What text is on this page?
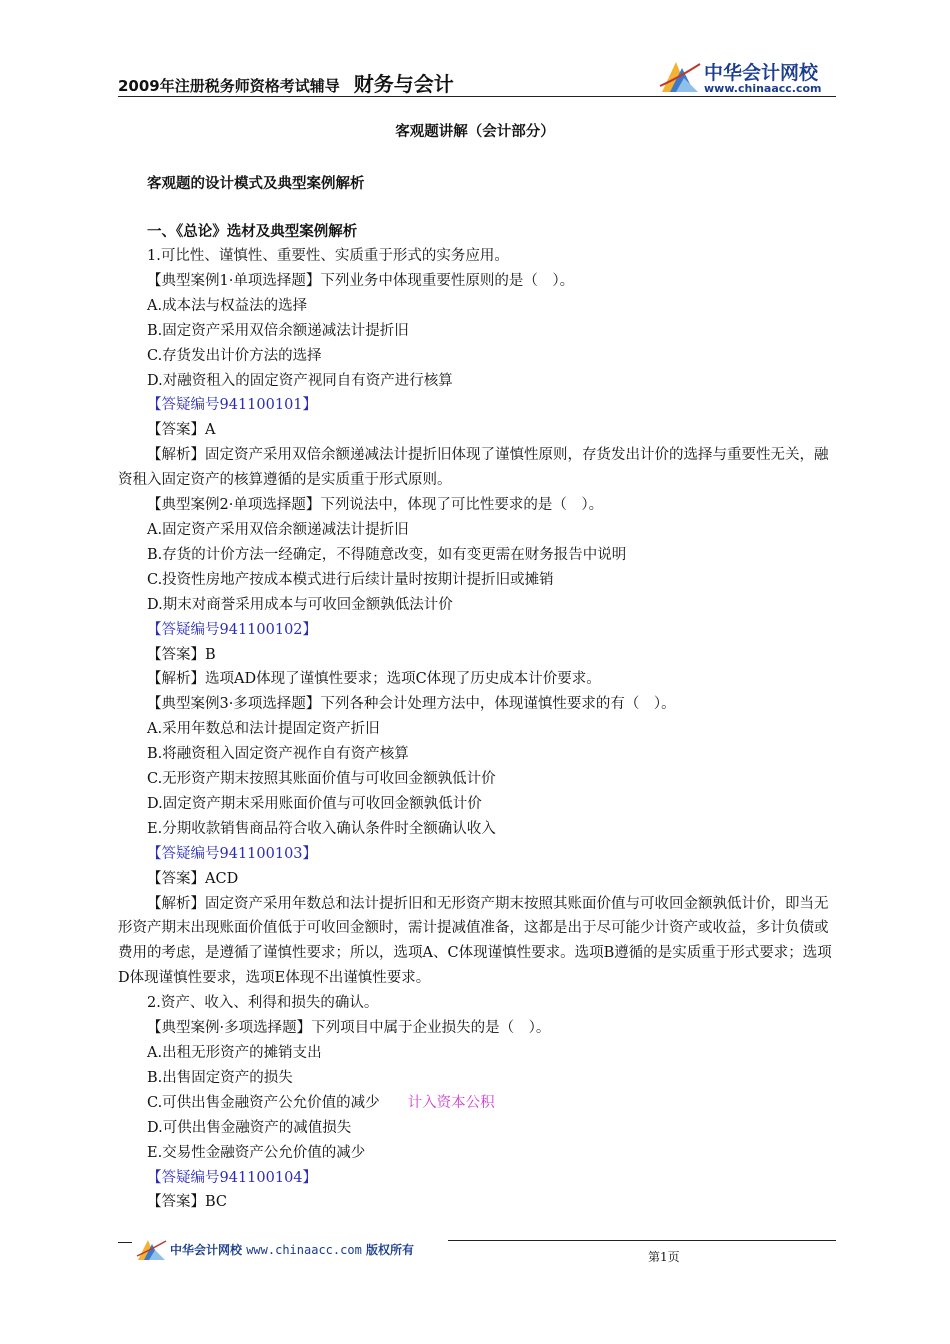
2009年注册税务师资格考试辅导 财务与会计	中华会计网校
www.chinaacc.com
客观题讲解（会计部分）
客观题的设计模式及典型案例解析
一、《总论》选材及典型案例解析
1.可比性、谨慎性、重要性、实质重于形式的实务应用。
【典型案例1·单项选择题】下列业务中体现重要性原则的是（　）。
A.成本法与权益法的选择
B.固定资产采用双倍余额递减法计提折旧
C.存货发出计价方法的选择
D.对融资租入的固定资产视同自有资产进行核算
【答疑编号941100101】
【答案】A
【解析】固定资产采用双倍余额递减法计提折旧体现了谨慎性原则，存货发出计价的选择与重要性无关，融资租入固定资产的核算遵循的是实质重于形式原则。
【典型案例2·单项选择题】下列说法中，体现了可比性要求的是（　）。
A.固定资产采用双倍余额递减法计提折旧
B.存货的计价方法一经确定，不得随意改变，如有变更需在财务报告中说明
C.投资性房地产按成本模式进行后续计量时按期计提折旧或摊销
D.期末对商誉采用成本与可收回金额孰低法计价
【答疑编号941100102】
【答案】B
【解析】选项AD体现了谨慎性要求；选项C体现了历史成本计价要求。
【典型案例3·多项选择题】下列各种会计处理方法中，体现谨慎性要求的有（　）。
A.采用年数总和法计提固定资产折旧
B.将融资租入固定资产视作自有资产核算
C.无形资产期末按照其账面价值与可收回金额孰低计价
D.固定资产期末采用账面价值与可收回金额孰低计价
E.分期收款销售商品符合收入确认条件时全额确认收入
【答疑编号941100103】
【答案】ACD
【解析】固定资产采用年数总和法计提折旧和无形资产期末按照其账面价值与可收回金额孰低计价，即当无形资产期末出现账面价值低于可收回金额时，需计提减值准备，这都是出于尽可能少计资产或收益，多计负债或费用的考虑，是遵循了谨慎性要求；所以，选项A、C体现谨慎性要求。选项B遵循的是实质重于形式要求；选项D体现谨慎性要求，选项E体现不出谨慎性要求。
2.资产、收入、利得和损失的确认。
【典型案例·多项选择题】下列项目中属于企业损失的是（　）。
A.出租无形资产的摊销支出
B.出售固定资产的损失
C.可供出售金融资产公允价值的减少 计入资本公积
D.可供出售金融资产的减值损失
E.交易性金融资产公允价值的减少
【答疑编号941100104】
【答案】BC
中华会计网校 www.chinaacc.com 版权所有	第1页
